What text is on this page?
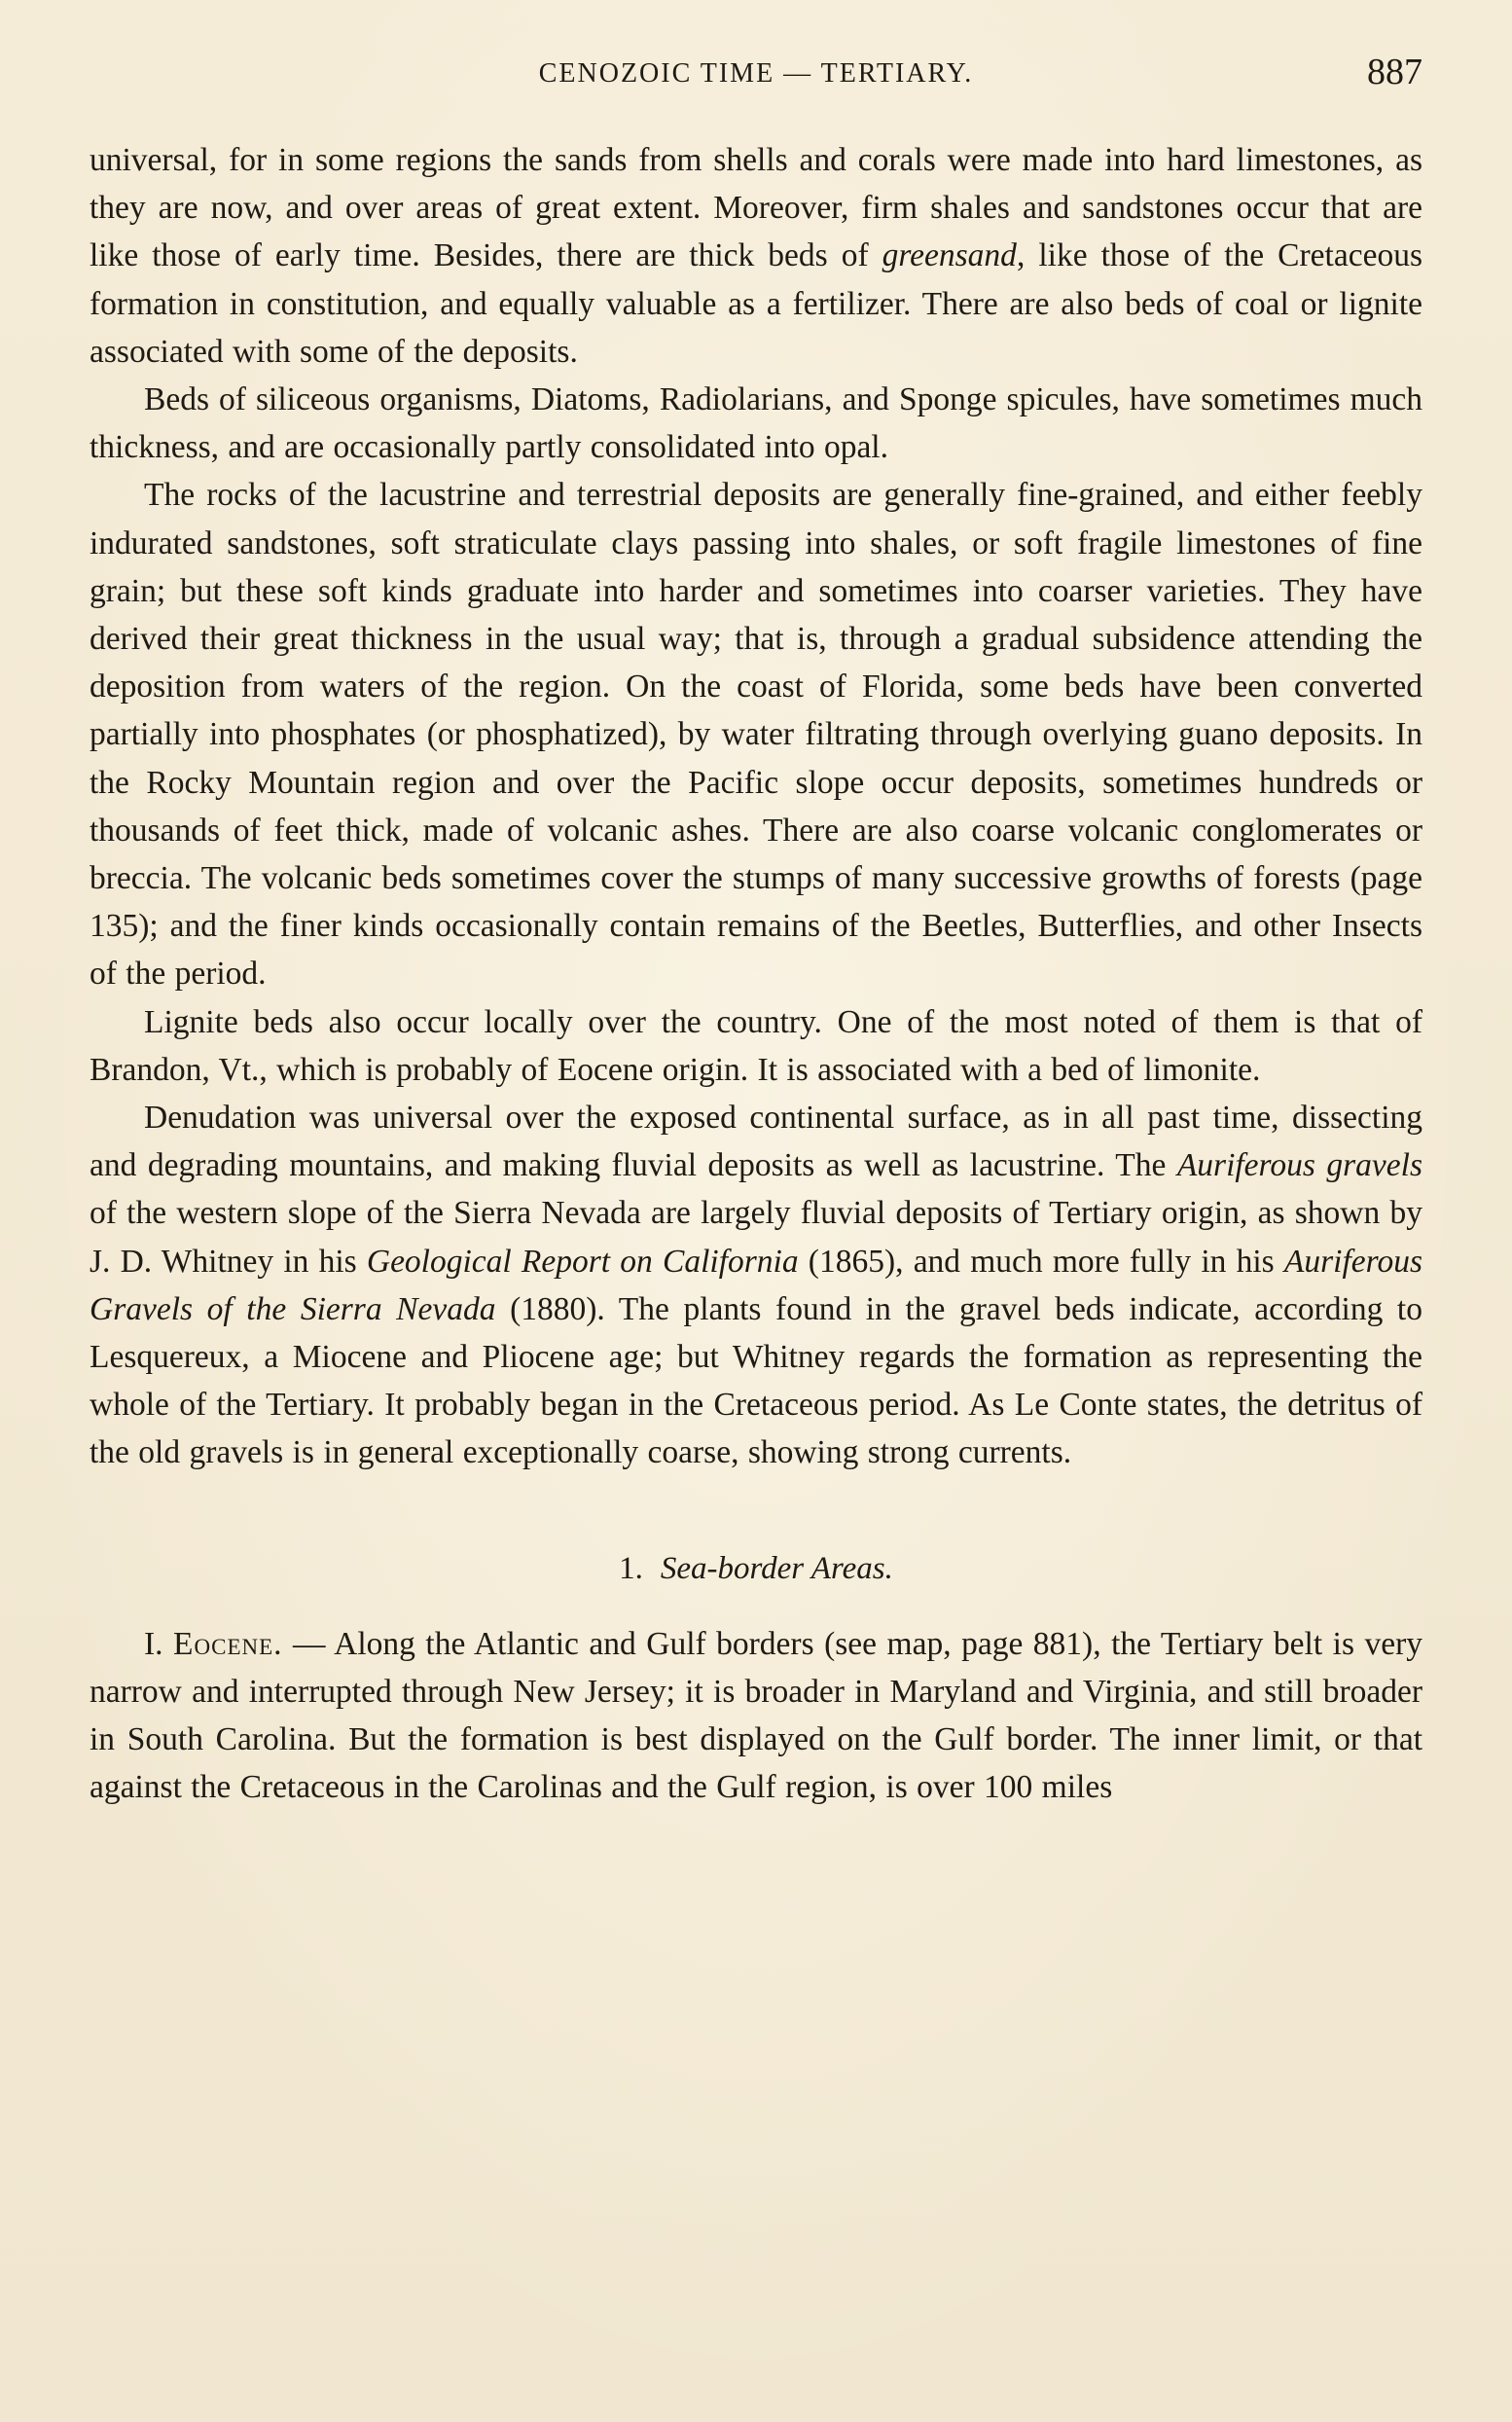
CENOZOIC TIME — TERTIARY.	887

universal, for in some regions the sands from shells and corals were made into hard limestones, as they are now, and over areas of great extent. Moreover, firm shales and sandstones occur that are like those of early time. Besides, there are thick beds of greensand, like those of the Cretaceous formation in constitution, and equally valuable as a fertilizer. There are also beds of coal or lignite associated with some of the deposits.

Beds of siliceous organisms, Diatoms, Radiolarians, and Sponge spicules, have sometimes much thickness, and are occasionally partly consolidated into opal.

The rocks of the lacustrine and terrestrial deposits are generally fine-grained, and either feebly indurated sandstones, soft straticulate clays passing into shales, or soft fragile limestones of fine grain; but these soft kinds graduate into harder and sometimes into coarser varieties. They have derived their great thickness in the usual way; that is, through a gradual subsidence attending the deposition from waters of the region. On the coast of Florida, some beds have been converted partially into phosphates (or phosphatized), by water filtrating through overlying guano deposits. In the Rocky Mountain region and over the Pacific slope occur deposits, sometimes hundreds or thousands of feet thick, made of volcanic ashes. There are also coarse volcanic conglomerates or breccia. The volcanic beds sometimes cover the stumps of many successive growths of forests (page 135); and the finer kinds occasionally contain remains of the Beetles, Butterflies, and other Insects of the period.

Lignite beds also occur locally over the country. One of the most noted of them is that of Brandon, Vt., which is probably of Eocene origin. It is associated with a bed of limonite.

Denudation was universal over the exposed continental surface, as in all past time, dissecting and degrading mountains, and making fluvial deposits as well as lacustrine. The Auriferous gravels of the western slope of the Sierra Nevada are largely fluvial deposits of Tertiary origin, as shown by J. D. Whitney in his Geological Report on California (1865), and much more fully in his Auriferous Gravels of the Sierra Nevada (1880). The plants found in the gravel beds indicate, according to Lesquereux, a Miocene and Pliocene age; but Whitney regards the formation as representing the whole of the Tertiary. It probably began in the Cretaceous period. As Le Conte states, the detritus of the old gravels is in general exceptionally coarse, showing strong currents.

1. Sea-border Areas.

I. Eocene. — Along the Atlantic and Gulf borders (see map, page 881), the Tertiary belt is very narrow and interrupted through New Jersey; it is broader in Maryland and Virginia, and still broader in South Carolina. But the formation is best displayed on the Gulf border. The inner limit, or that against the Cretaceous in the Carolinas and the Gulf region, is over 100 miles
